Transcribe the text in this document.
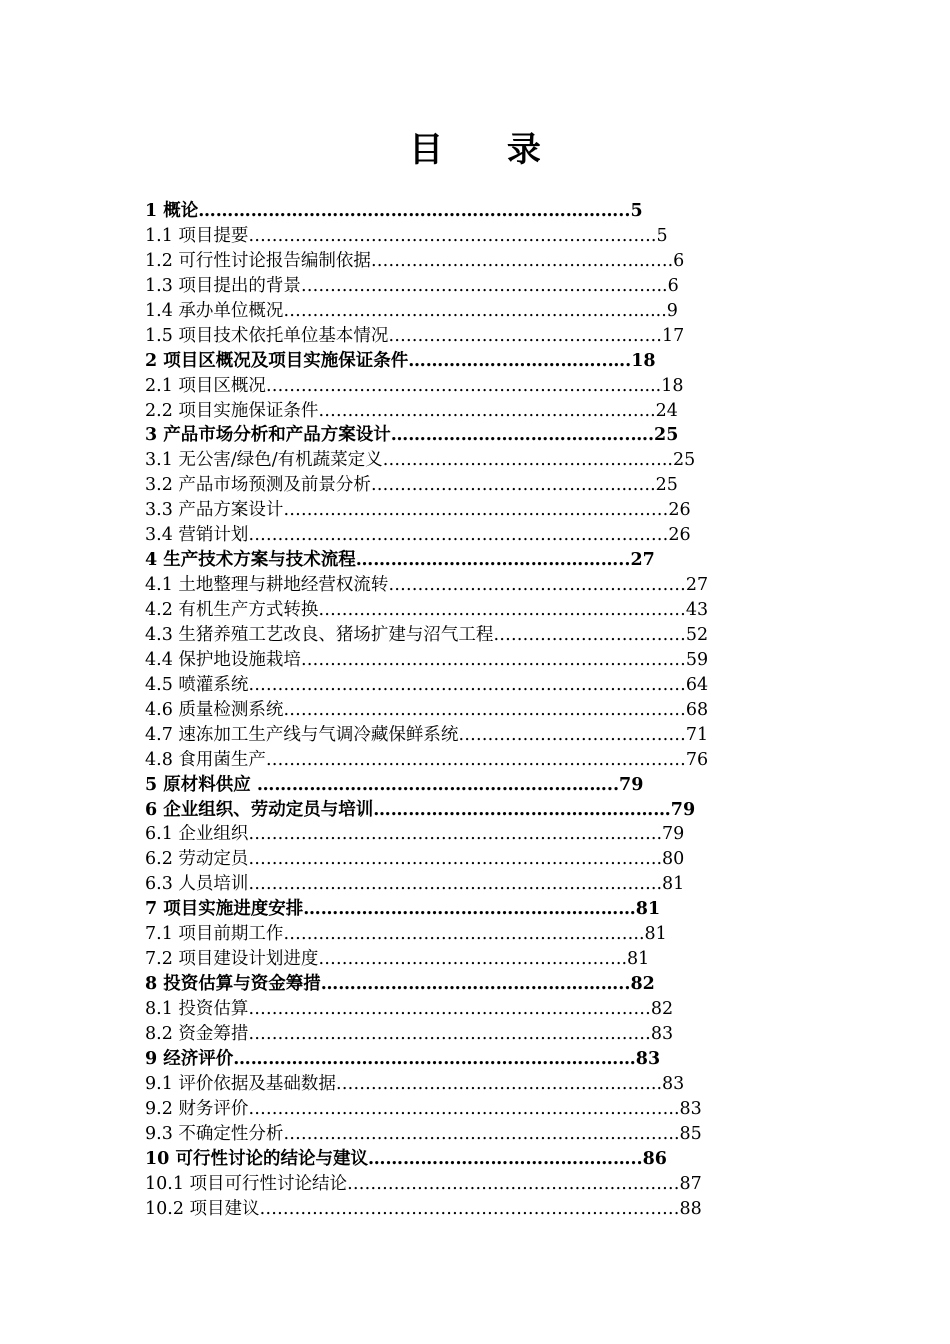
目 录
1 概论………………………………………………………………..5
1.1 项目提要…………………………………………………………….5
1.2 可行性讨论报告编制依据………………………………………...….6
1.3 项目提出的背景……………………………………………………...6
1.4 承办单位概况……………………………………………………......9
1.5 项目技术依托单位基本情况…………………………………..……17
2 项目区概况及项目实施保证条件……………..……………..….18
2.1 项目区概况……………………………………………………….....18
2.2 项目实施保证条件……………………………………………..…..24
3 产品市场分析和产品方案设计…………………………………..….25
3.1 无公害/绿色/有机蔬菜定义……………………………………...…..25
3.2 产品市场预测及前景分析……………………………………...….25
3.3 产品方案设计…………………………………………………………26
3.4 营销计划………………………………………………………………26
4 生产技术方案与技术流程………………………………………..27
4.1 土地整理与耕地经营权流转……………………………………………27
4.2 有机生产方式转换………………………………………………………43
4.3 生猪养殖工艺改良、猪场扩建与沼气工程……………………………52
4.4 保护地设施栽培…………………………………………………………59
4.5 喷灌系统…………………………………………………………………64
4.6 质量检测系统……………………………………………………………68
4.7 速冻加工生产线与气调冷藏保鲜系统…………………………………71
4.8 食用菌生产………………………………………………………………76
5 原材料供应 ……………………………………………………..79
6 企业组织、劳动定员与培训……………………………………………79
6.1 企业组织……………………………………………………………..79
6.2 劳动定员……………………………………………………………..80
6.3 人员培训……………………………………………………………..81
7 项目实施进度安排…………………………………………………81
7.1 项目前期工作……………………………………………………..81
7.2 项目建设计划进度……………………………………………..81
8 投资估算与资金筹措……………………………………………..82
8.1 投资估算……………………………………………………………82
8.2 资金筹措……………………………………………………………83
9 经济评价……………………………………………………………83
9.1 评价依据及基础数据………………………………………………..83
9.2 财务评价………………………………………………………………..83
9.3 不确定性分析…………………………………………………………..85
10 可行性讨论的结论与建议………………………………………..86
10.1 项目可行性讨论结论…………………………………………………87
10.2 项目建议………………………………………………………………88
